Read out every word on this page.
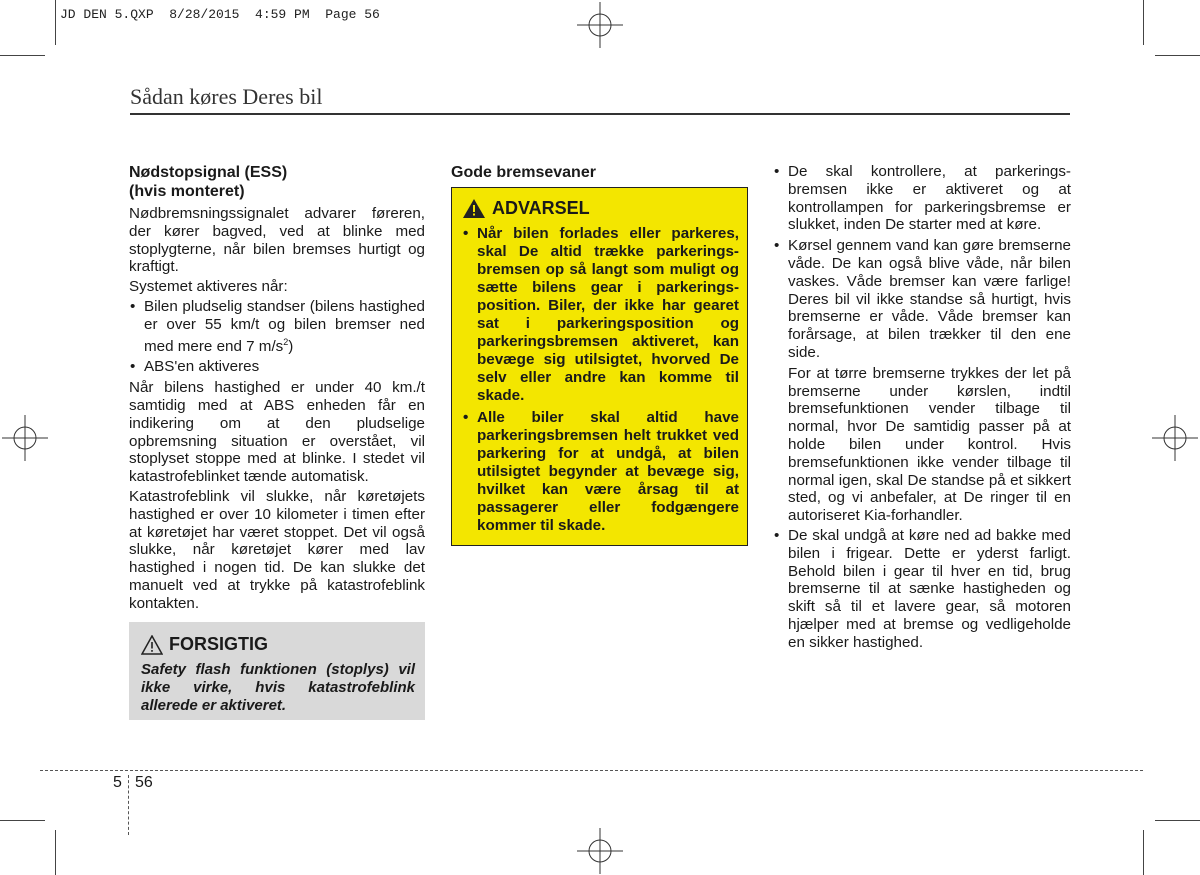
JD DEN 5.QXP  8/28/2015  4:59 PM  Page 56
Sådan køres Deres bil
Nødstopsignal (ESS)
(hvis monteret)

Nødbremsningssignalet advarer føreren, der kører bagved, ved at blinke med stoplygterne, når bilen bremses hurtigt og kraftigt.

Systemet aktiveres når:

• Bilen pludselig standser (bilens hastighed er over 55 km/t og bilen bremser ned med mere end 7 $m/s^2$)
• ABS'en aktiveres

Når bilens hastighed er under 40 km./t samtidig med at ABS enheden får en indikering om at den pludselige opbremsning situation er overstået, vil stoplyset stoppe med at blinke. I stedet vil katastrofeblinket tænde automatisk.

Katastrofeblink vil slukke, når køretøjets hastighed er over 10 kilometer i timen efter at køretøjet har været stoppet. Det vil også slukke, når køretøjet kører med lav hastighed i nogen tid. De kan slukke det manuelt ved at trykke på katastrofeblink kontakten.

FORSIGTIG
Safety flash funktionen (stoplys) vil ikke virke, hvis katastrofeblink allerede er aktiveret.
Gode bremsevaner
ADVARSEL
• Når bilen forlades eller parkeres, skal De altid trække parkerings- bremsen op så langt som muligt og sætte bilens gear i parkerings- position. Biler, der ikke har gearet sat i parkeringsposition og parkeringsbremsen aktiveret, kan bevæge sig utilsigtet, hvorved De selv eller andre kan komme til skade.
• Alle biler skal altid have parkeringsbremsen helt trukket ved parkering for at undgå, at bilen utilsigtet begynder at bevæge sig, hvilket kan være årsag til at passagerer eller fodgængere kommer til skade.
• De skal kontrollere, at parkerings- bremsen ikke er aktiveret og at kontrollampen for parkeringsbremse er slukket, inden De starter med at køre.
• Kørsel gennem vand kan gøre bremserne våde. De kan også blive våde, når bilen vaskes. Våde bremser kan være farlige! Deres bil vil ikke standse så hurtigt, hvis bremserne er våde. Våde bremser kan forårsage, at bilen trækker til den ene side.

For at tørre bremserne trykkes der let på bremserne under kørslen, indtil bremsefunktionen vender tilbage til normal, hvor De samtidig passer på at holde bilen under kontrol. Hvis bremsefunktionen ikke vender tilbage til normal igen, skal De standse på et sikkert sted, og vi anbefaler, at De ringer til en autoriseret Kia-forhandler.

• De skal undgå at køre ned ad bakke med bilen i frigear. Dette er yderst farligt. Behold bilen i gear til hver en tid, brug bremserne til at sænke hastigheden og skift så til et lavere gear, så motoren hjælper med at bremse og vedligeholde en sikker hastighed.
5 56
